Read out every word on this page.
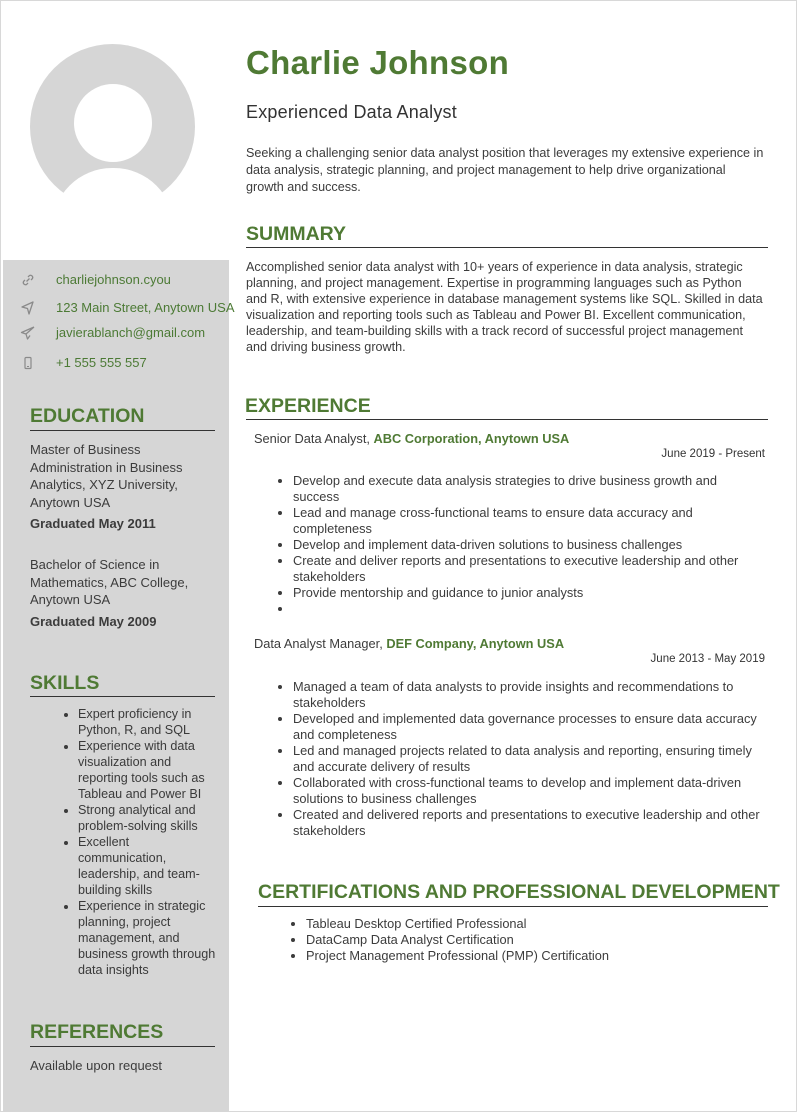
charliejohnson.cyou
123 Main Street, Anytown USA
javierablanch@gmail.com
+1 555 555 557
EDUCATION
Master of Business Administration in Business Analytics, XYZ University, Anytown USA
Graduated May 2011
Bachelor of Science in Mathematics, ABC College, Anytown USA
Graduated May 2009
SKILLS
• Expert proficiency in Python, R, and SQL
• Experience with data visualization and reporting tools such as Tableau and Power BI
• Strong analytical and problem-solving skills
• Excellent communication, leadership, and team-building skills
• Experience in strategic planning, project management, and business growth through data insights
REFERENCES
Available upon request
Charlie Johnson
Experienced Data Analyst
Seeking a challenging senior data analyst position that leverages my extensive experience in data analysis, strategic planning, and project management to help drive organizational growth and success.
SUMMARY
Accomplished senior data analyst with 10+ years of experience in data analysis, strategic planning, and project management. Expertise in programming languages such as Python and R, with extensive experience in database management systems like SQL. Skilled in data visualization and reporting tools such as Tableau and Power BI. Excellent communication, leadership, and team-building skills with a track record of successful project management and driving business growth.
EXPERIENCE
Senior Data Analyst, ABC Corporation, Anytown USA
June 2019 - Present
• Develop and execute data analysis strategies to drive business growth and success
• Lead and manage cross-functional teams to ensure data accuracy and completeness
• Develop and implement data-driven solutions to business challenges
• Create and deliver reports and presentations to executive leadership and other stakeholders
• Provide mentorship and guidance to junior analysts
•
Data Analyst Manager, DEF Company, Anytown USA
June 2013 - May 2019
• Managed a team of data analysts to provide insights and recommendations to stakeholders
• Developed and implemented data governance processes to ensure data accuracy and completeness
• Led and managed projects related to data analysis and reporting, ensuring timely and accurate delivery of results
• Collaborated with cross-functional teams to develop and implement data-driven solutions to business challenges
• Created and delivered reports and presentations to executive leadership and other stakeholders
CERTIFICATIONS AND PROFESSIONAL DEVELOPMENT
• Tableau Desktop Certified Professional
• DataCamp Data Analyst Certification
• Project Management Professional (PMP) Certification
